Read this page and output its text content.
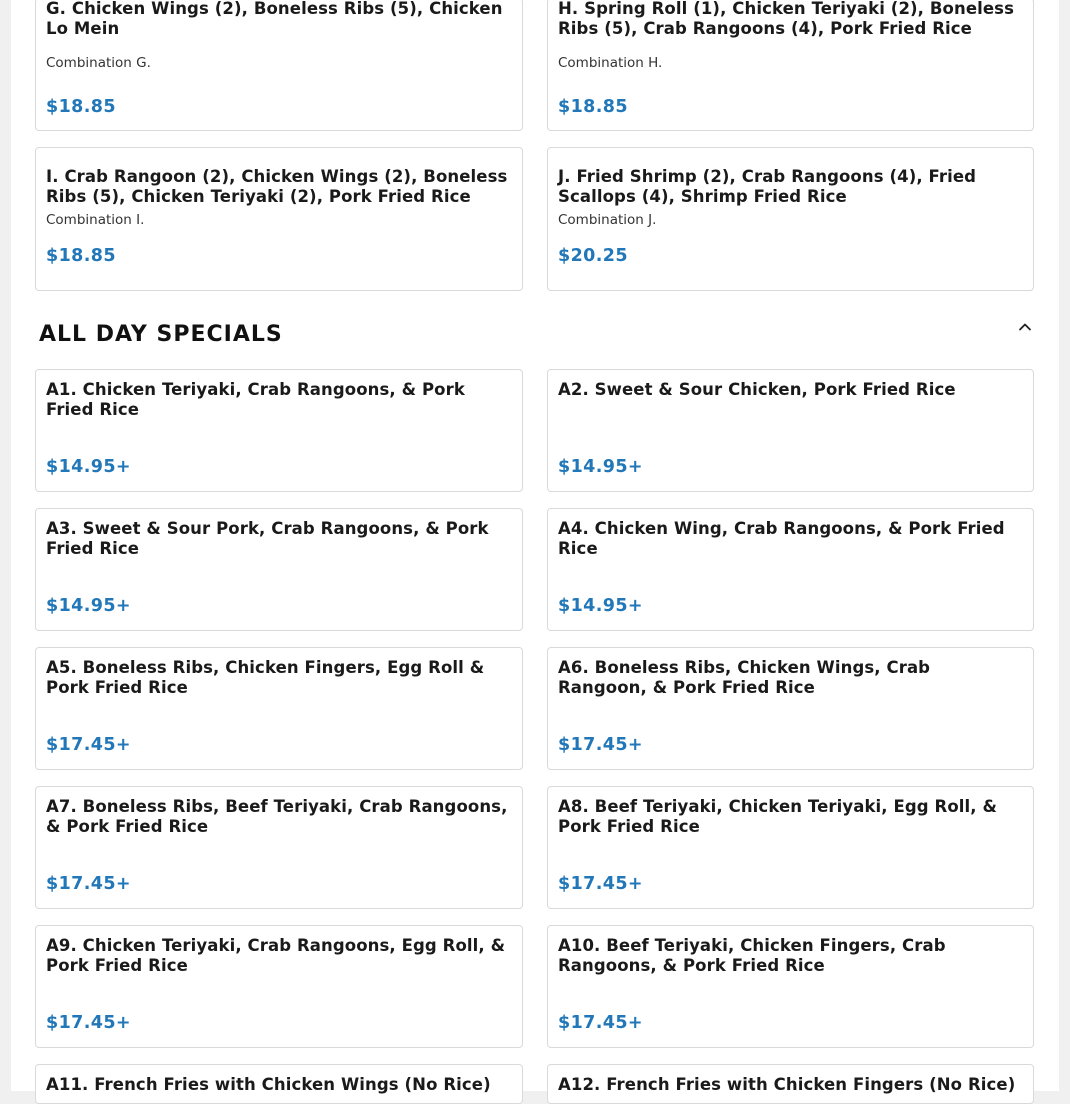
G. Chicken Wings (2), Boneless Ribs (5), Chicken Lo Mein
Combination G.
$18.85
H. Spring Roll (1), Chicken Teriyaki (2), Boneless Ribs (5), Crab Rangoons (4), Pork Fried Rice
Combination H.
$18.85
I. Crab Rangoon (2), Chicken Wings (2), Boneless Ribs (5), Chicken Teriyaki (2), Pork Fried Rice
Combination I.
$18.85
J. Fried Shrimp (2), Crab Rangoons (4), Fried Scallops (4), Shrimp Fried Rice
Combination J.
$20.25
ALL DAY SPECIALS
A1. Chicken Teriyaki, Crab Rangoons, & Pork Fried Rice
$14.95+
A2. Sweet & Sour Chicken, Pork Fried Rice
$14.95+
A3. Sweet & Sour Pork, Crab Rangoons, & Pork Fried Rice
$14.95+
A4. Chicken Wing, Crab Rangoons, & Pork Fried Rice
$14.95+
A5. Boneless Ribs, Chicken Fingers, Egg Roll & Pork Fried Rice
$17.45+
A6. Boneless Ribs, Chicken Wings, Crab Rangoon, & Pork Fried Rice
$17.45+
A7. Boneless Ribs, Beef Teriyaki, Crab Rangoons, & Pork Fried Rice
$17.45+
A8. Beef Teriyaki, Chicken Teriyaki, Egg Roll, & Pork Fried Rice
$17.45+
A9. Chicken Teriyaki, Crab Rangoons, Egg Roll, & Pork Fried Rice
$17.45+
A10. Beef Teriyaki, Chicken Fingers, Crab Rangoons, & Pork Fried Rice
$17.45+
A11. French Fries with Chicken Wings (No Rice)	A12. French Fries with Chicken Fingers (No Rice)
